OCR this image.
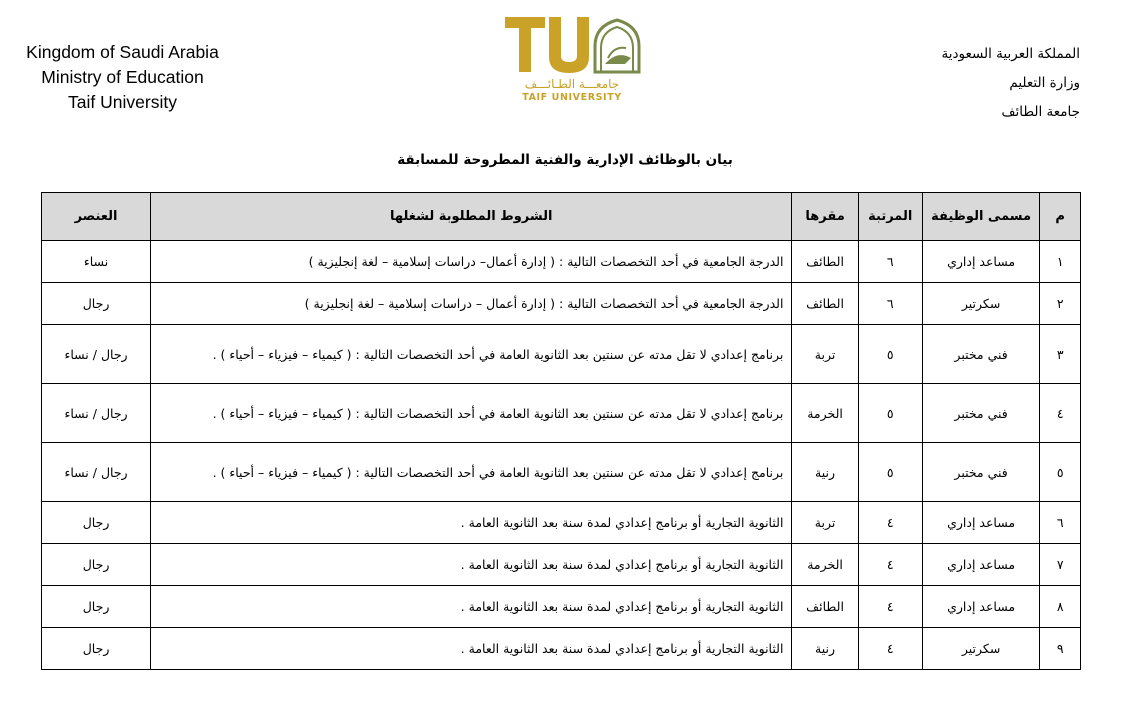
Kingdom of Saudi Arabia
Ministry of Education
Taif University
جامعـــة الطـائـــف
TAIF UNIVERSITY
المملكة العربية السعودية
وزارة التعليم
جامعة الطائف
بيان بالوظائف الإدارية والفنية المطروحة للمسابقة
م	مسمى الوظيفة	المرتبة	مقرها	الشروط المطلوبة لشغلها	العنصر
١	مساعد إداري	٦	الطائف	الدرجة الجامعية في أحد التخصصات التالية : ( إدارة أعمال– دراسات إسلامية – لغة إنجليزية )	نساء
٢	سكرتير	٦	الطائف	الدرجة الجامعية في أحد التخصصات التالية : ( إدارة أعمال – دراسات إسلامية – لغة إنجليزية )	رجال
٣	فني مختبر	٥	تربة	برنامج إعدادي لا تقل مدته عن سنتين بعد الثانوية العامة في أحد التخصصات التالية : ( كيمياء – فيزياء – أحياء ) .	رجال / نساء
٤	فني مختبر	٥	الخرمة	برنامج إعدادي لا تقل مدته عن سنتين بعد الثانوية العامة في أحد التخصصات التالية : ( كيمياء – فيزياء – أحياء ) .	رجال / نساء
٥	فني مختبر	٥	رنية	برنامج إعدادي لا تقل مدته عن سنتين بعد الثانوية العامة في أحد التخصصات التالية : ( كيمياء – فيزياء – أحياء ) .	رجال / نساء
٦	مساعد إداري	٤	تربة	الثانوية التجارية أو برنامج إعدادي لمدة سنة بعد الثانوية العامة .	رجال
٧	مساعد إداري	٤	الخرمة	الثانوية التجارية أو برنامج إعدادي لمدة سنة بعد الثانوية العامة .	رجال
٨	مساعد إداري	٤	الطائف	الثانوية التجارية أو برنامج إعدادي لمدة سنة بعد الثانوية العامة .	رجال
٩	سكرتير	٤	رنية	الثانوية التجارية أو برنامج إعدادي لمدة سنة بعد الثانوية العامة .	رجال
